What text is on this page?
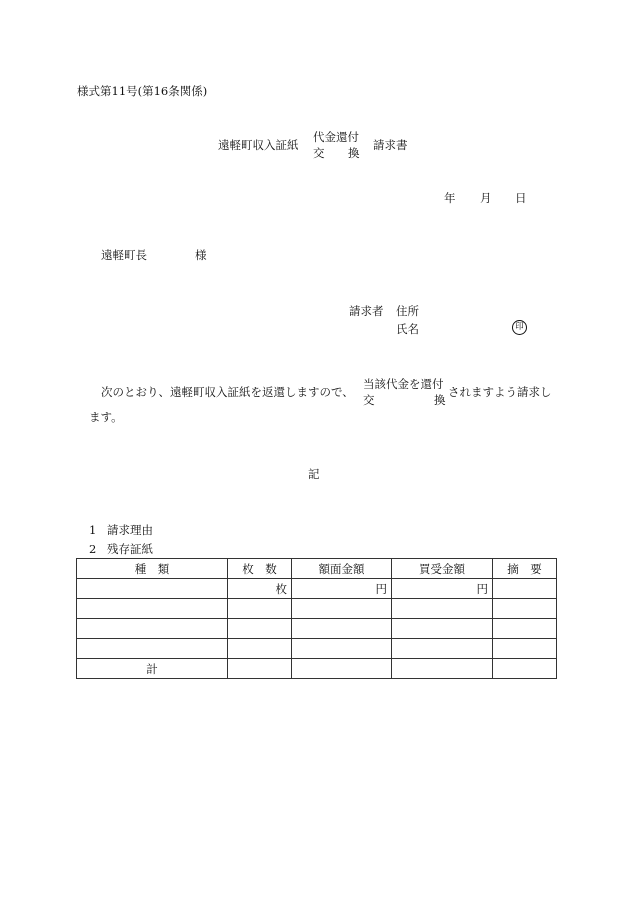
様式第11号(第16条関係)
遠軽町収入証紙
代金還付
交 換
請求書
年 月 日
遠軽町長	様
請求者 住所
氏名	印
次のとおり、遠軽町収入証紙を返還しますので、
当該代金を還付
交	換
されますよう請求し
ます。
記
1 請求理由
2 残存証紙
種　類	枚　数	額面金額	買受金額	摘　要
	枚	円	円	

計				
